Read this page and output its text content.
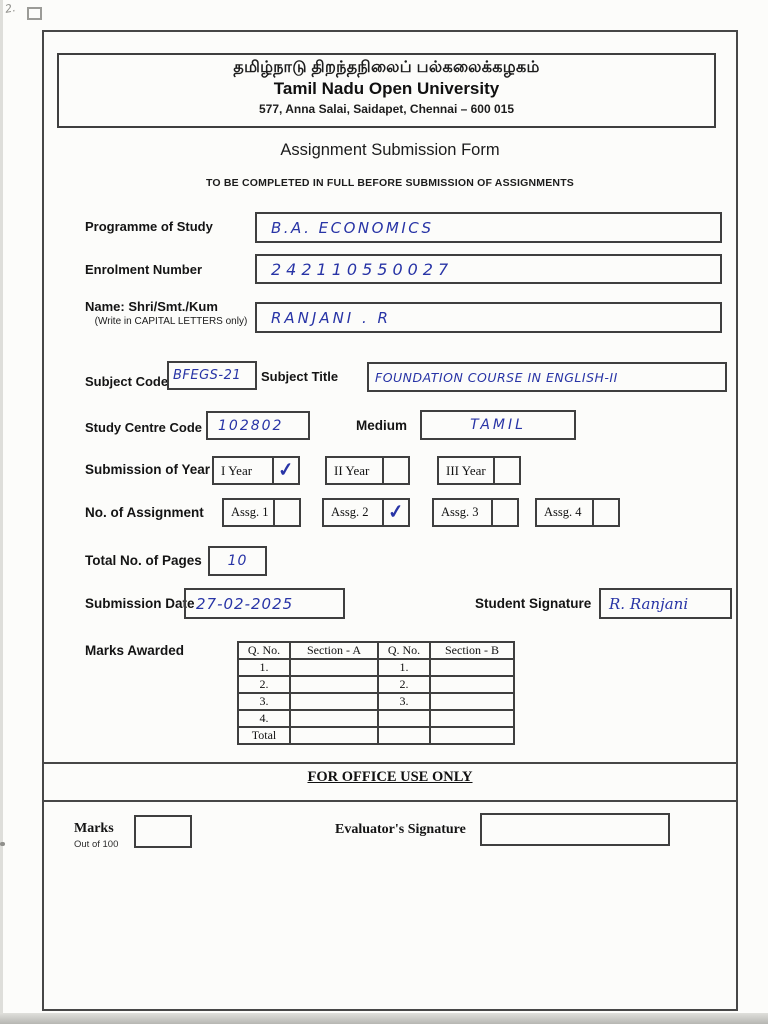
2.
தமிழ்நாடு திறந்தநிலைப் பல்கலைக்கழகம்
Tamil Nadu Open University
577, Anna Salai, Saidapet, Chennai – 600 015
Assignment Submission Form
TO BE COMPLETED IN FULL BEFORE SUBMISSION OF ASSIGNMENTS
Programme of Study	B.A. ECONOMICS
Enrolment Number	242110550027
Name: Shri/Smt./Kum
(Write in CAPITAL LETTERS only)	RANJANI . R
Subject Code BFEGS-21 Subject Title	FOUNDATION COURSE IN ENGLISH-II
Study Centre Code	102802	Medium	TAMIL
Submission of Year I Year	✓	II Year	III Year
No. of Assignment	Assg. 1	Assg. 2 ✓	Assg. 3	Assg. 4
Total No. of Pages 10
Submission Date 27-02-2025	Student Signature	R. Ranjani
Marks Awarded	Q. No.	Section - A	Q. No.	Section - B
1.		1.	
2.		2.	
3.		3.	
4.			
Total			
FOR OFFICE USE ONLY
Marks
Out of 100
Evaluator's Signature
